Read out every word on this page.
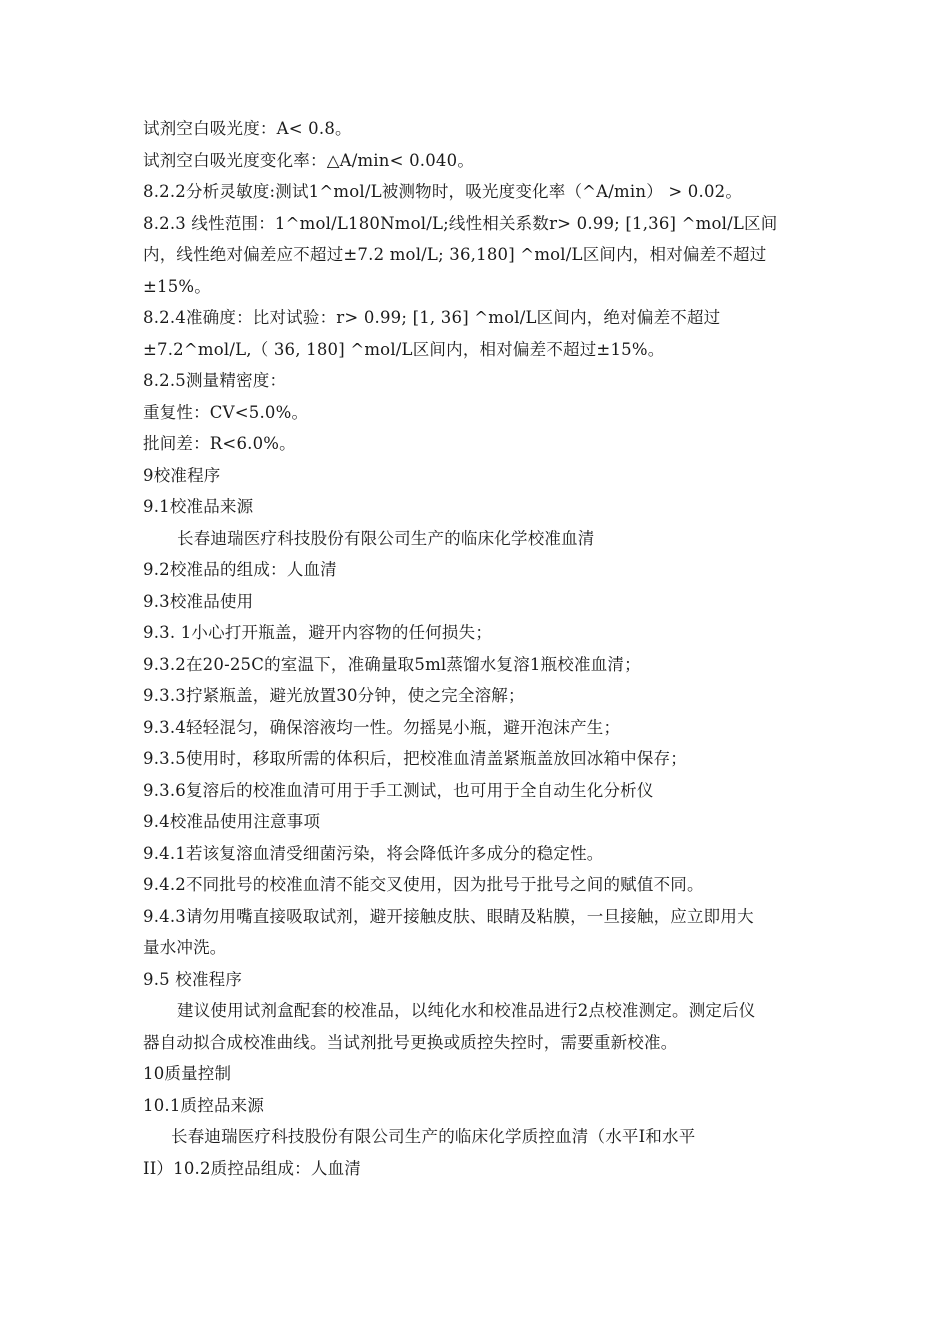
试剂空白吸光度：A< 0.8。
试剂空白吸光度变化率：△A/min< 0.040。
8.2.2分析灵敏度:测试1^mol/L被测物时，吸光度变化率（^A/min） > 0.02。
8.2.3 线性范围：1^mol/L180Nmol/L;线性相关系数r> 0.99; [1,36] ^mol/L区间
内，线性绝对偏差应不超过±7.2 mol/L; 36,180] ^mol/L区间内，相对偏差不超过
±15%。
8.2.4准确度：比对试验：r> 0.99; [1, 36] ^mol/L区间内，绝对偏差不超过
±7.2^mol/L,（ 36, 180] ^mol/L区间内，相对偏差不超过±15%。
8.2.5测量精密度：
重复性：CV<5.0%。
批间差：R<6.0%。
9校准程序
9.1校准品来源
长春迪瑞医疗科技股份有限公司生产的临床化学校准血清
9.2校准品的组成：人血清
9.3校准品使用
9.3. 1小心打开瓶盖，避开内容物的任何损失；
9.3.2在20-25C的室温下，准确量取5ml蒸馏水复溶1瓶校准血清；
9.3.3拧紧瓶盖，避光放置30分钟，使之完全溶解；
9.3.4轻轻混匀，确保溶液均一性。勿摇晃小瓶，避开泡沫产生；
9.3.5使用时，移取所需的体积后，把校准血清盖紧瓶盖放回冰箱中保存；
9.3.6复溶后的校准血清可用于手工测试，也可用于全自动生化分析仪
9.4校准品使用注意事项
9.4.1若该复溶血清受细菌污染，将会降低许多成分的稳定性。
9.4.2不同批号的校准血清不能交叉使用，因为批号于批号之间的赋值不同。
9.4.3请勿用嘴直接吸取试剂，避开接触皮肤、眼睛及粘膜，一旦接触，应立即用大
量水冲洗。
9.5 校准程序
建议使用试剂盒配套的校准品，以纯化水和校准品进行2点校准测定。测定后仪
器自动拟合成校准曲线。当试剂批号更换或质控失控时，需要重新校准。
10质量控制
10.1质控品来源
长春迪瑞医疗科技股份有限公司生产的临床化学质控血清（水平I和水平
II）10.2质控品组成：人血清
